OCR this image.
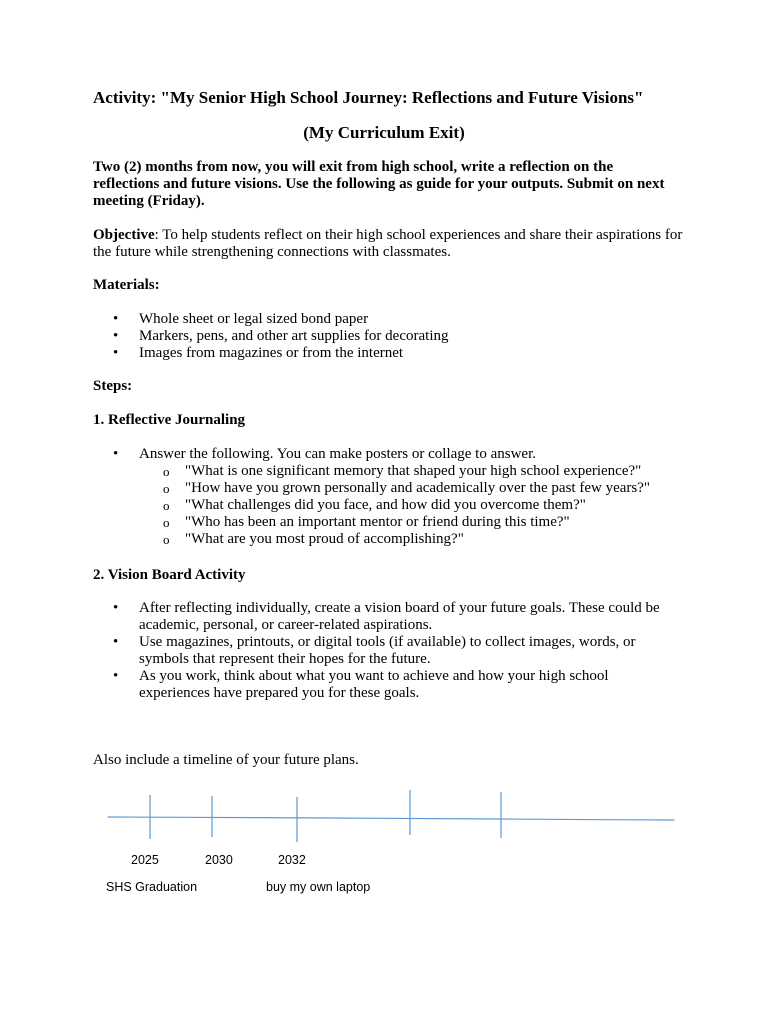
Activity: "My Senior High School Journey: Reflections and Future Visions"

(My Curriculum Exit)

Two (2) months from now, you will exit from high school, write a reflection on the reflections and future visions. Use the following as guide for your outputs. Submit on next meeting (Friday).

Objective: To help students reflect on their high school experiences and share their aspirations for the future while strengthening connections with classmates.

Materials:

• Whole sheet or legal sized bond paper
• Markers, pens, and other art supplies for decorating
• Images from magazines or from the internet

Steps:

1. Reflective Journaling

• Answer the following. You can make posters or collage to answer.
o "What is one significant memory that shaped your high school experience?"
o "How have you grown personally and academically over the past few years?"
o "What challenges did you face, and how did you overcome them?"
o "Who has been an important mentor or friend during this time?"
o "What are you most proud of accomplishing?"

2. Vision Board Activity

• After reflecting individually, create a vision board of your future goals. These could be academic, personal, or career-related aspirations.
• Use magazines, printouts, or digital tools (if available) to collect images, words, or symbols that represent their hopes for the future.
• As you work, think about what you want to achieve and how your high school experiences have prepared you for these goals.

Also include a timeline of your future plans.

2025	2030	2032
SHS Graduation	buy my own laptop
